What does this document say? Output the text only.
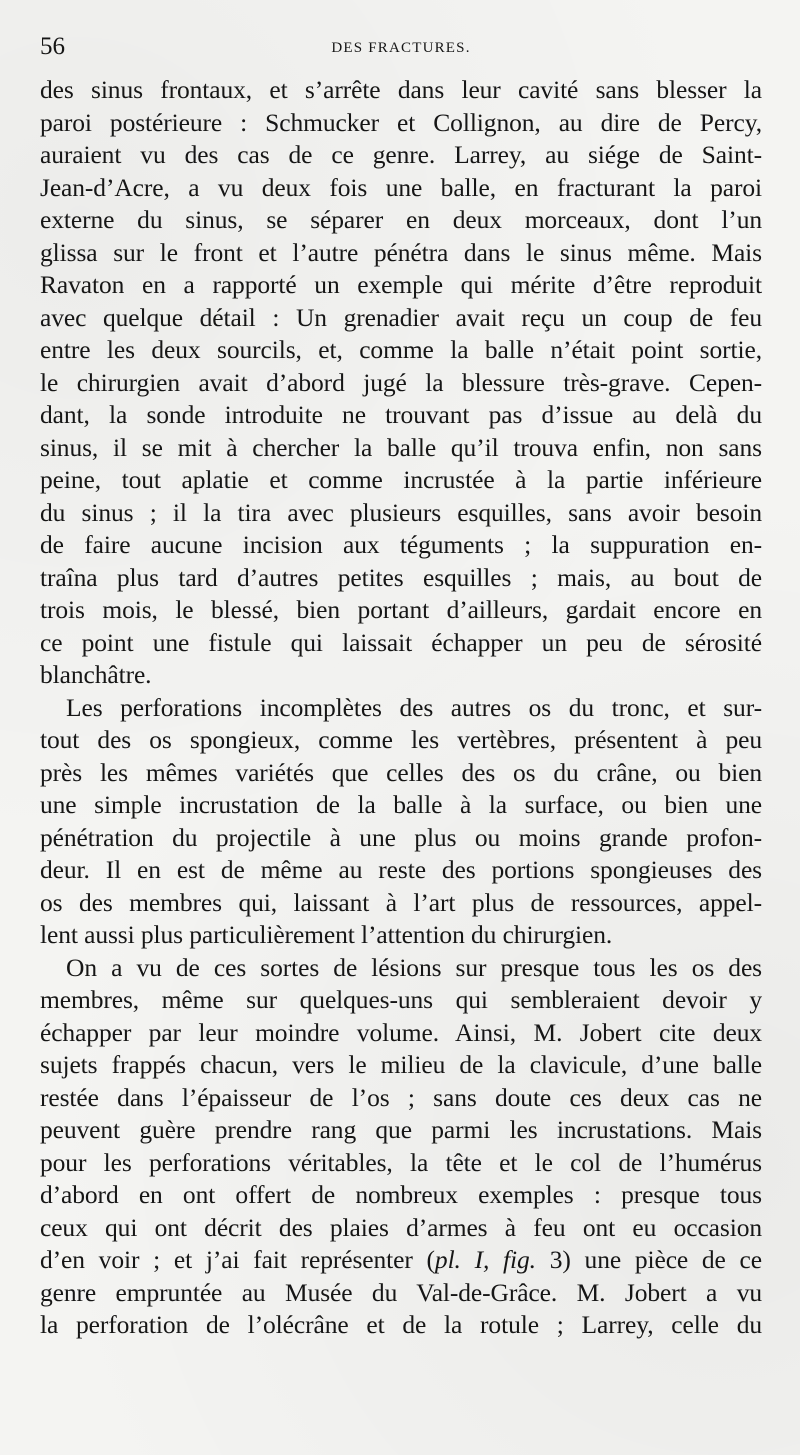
56	DES FRACTURES.
des sinus frontaux, et s’arrête dans leur cavité sans blesser la
paroi postérieure : Schmucker et Collignon, au dire de Percy,
auraient vu des cas de ce genre. Larrey, au siége de Saint-
Jean-d’Acre, a vu deux fois une balle, en fracturant la paroi
externe du sinus, se séparer en deux morceaux, dont l’un
glissa sur le front et l’autre pénétra dans le sinus même. Mais
Ravaton en a rapporté un exemple qui mérite d’être reproduit
avec quelque détail : Un grenadier avait reçu un coup de feu
entre les deux sourcils, et, comme la balle n’était point sortie,
le chirurgien avait d’abord jugé la blessure très-grave. Cepen-
dant, la sonde introduite ne trouvant pas d’issue au delà du
sinus, il se mit à chercher la balle qu’il trouva enfin, non sans
peine, tout aplatie et comme incrustée à la partie inférieure
du sinus ; il la tira avec plusieurs esquilles, sans avoir besoin
de faire aucune incision aux téguments ; la suppuration en-
traîna plus tard d’autres petites esquilles ; mais, au bout de
trois mois, le blessé, bien portant d’ailleurs, gardait encore en
ce point une fistule qui laissait échapper un peu de sérosité
blanchâtre.
Les perforations incomplètes des autres os du tronc, et sur-
tout des os spongieux, comme les vertèbres, présentent à peu
près les mêmes variétés que celles des os du crâne, ou bien
une simple incrustation de la balle à la surface, ou bien une
pénétration du projectile à une plus ou moins grande profon-
deur. Il en est de même au reste des portions spongieuses des
os des membres qui, laissant à l’art plus de ressources, appel-
lent aussi plus particulièrement l’attention du chirurgien.
On a vu de ces sortes de lésions sur presque tous les os des
membres, même sur quelques-uns qui sembleraient devoir y
échapper par leur moindre volume. Ainsi, M. Jobert cite deux
sujets frappés chacun, vers le milieu de la clavicule, d’une balle
restée dans l’épaisseur de l’os ; sans doute ces deux cas ne
peuvent guère prendre rang que parmi les incrustations. Mais
pour les perforations véritables, la tête et le col de l’humérus
d’abord en ont offert de nombreux exemples : presque tous
ceux qui ont décrit des plaies d’armes à feu ont eu occasion
d’en voir ; et j’ai fait représenter (pl. I, fig. 3) une pièce de ce
genre empruntée au Musée du Val-de-Grâce. M. Jobert a vu
la perforation de l’olécrâne et de la rotule ; Larrey, celle du
